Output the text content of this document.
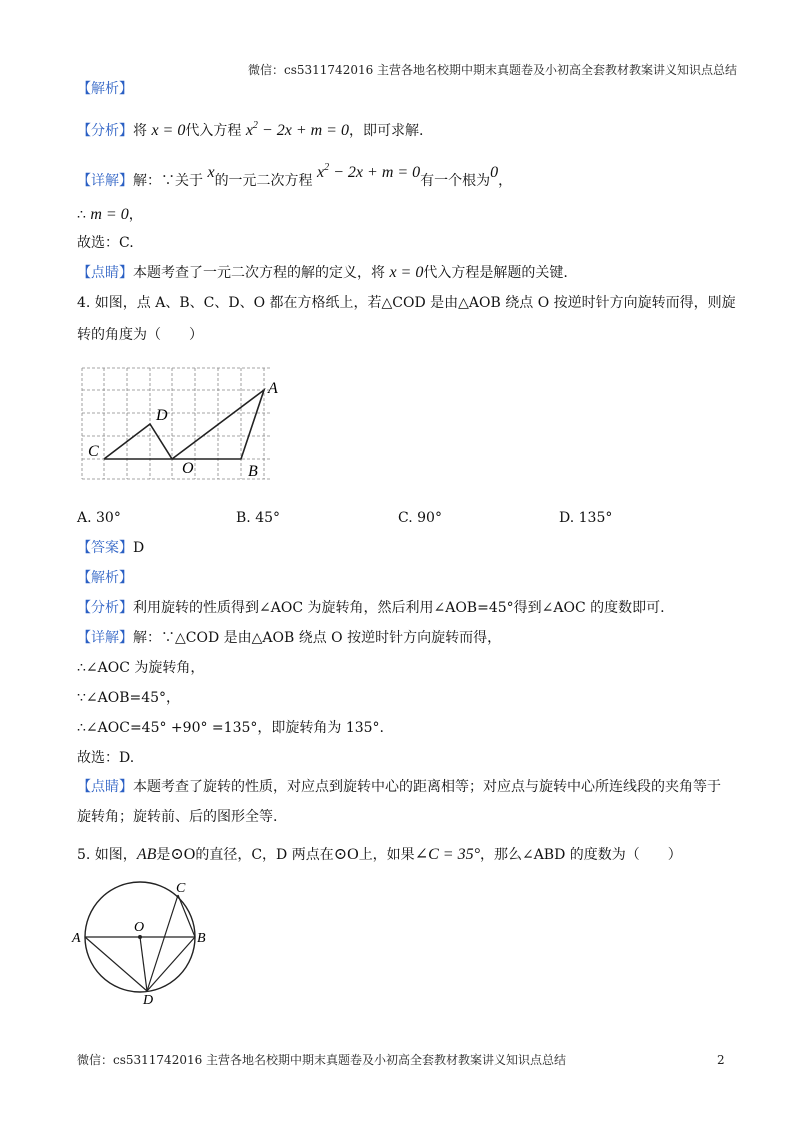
微信：cs5311742016 主营各地名校期中期末真题卷及小初高全套教材教案讲义知识点总结
【解析】
【分析】将 x = 0代入方程 $x^2 - 2x + m = 0$，即可求解.
【详解】解：∵关于 x的一元二次方程 $x^2 - 2x + m = 0$有一个根为0，
∴ m = 0，
故选：C.
【点睛】本题考查了一元二次方程的解的定义，将 x = 0代入方程是解题的关键.
4. 如图，点 A、B、C、D、O 都在方格纸上，若△COD 是由△AOB 绕点 O 按逆时针方向旋转而得，则旋
转的角度为（　　）
C
D
O	B
A
A. 30°	B. 45°	C. 90°	D. 135°
【答案】D
【解析】
【分析】利用旋转的性质得到∠AOC 为旋转角，然后利用∠AOB=45°得到∠AOC 的度数即可.
【详解】解：∵△COD 是由△AOB 绕点 O 按逆时针方向旋转而得，
∴∠AOC 为旋转角，
∵∠AOB=45°，
∴∠AOC=45° +90° =135°，即旋转角为 135°.
故选：D.
【点睛】本题考查了旋转的性质，对应点到旋转中心的距离相等；对应点与旋转中心所连线段的夹角等于
旋转角；旋转前、后的图形全等.
5. 如图，AB是⊙O的直径，C，D 两点在⊙O上，如果∠C = 35°，那么∠ABD 的度数为（　　）
A	B
C
D
O
微信：cs5311742016 主营各地名校期中期末真题卷及小初高全套教材教案讲义知识点总结	2
